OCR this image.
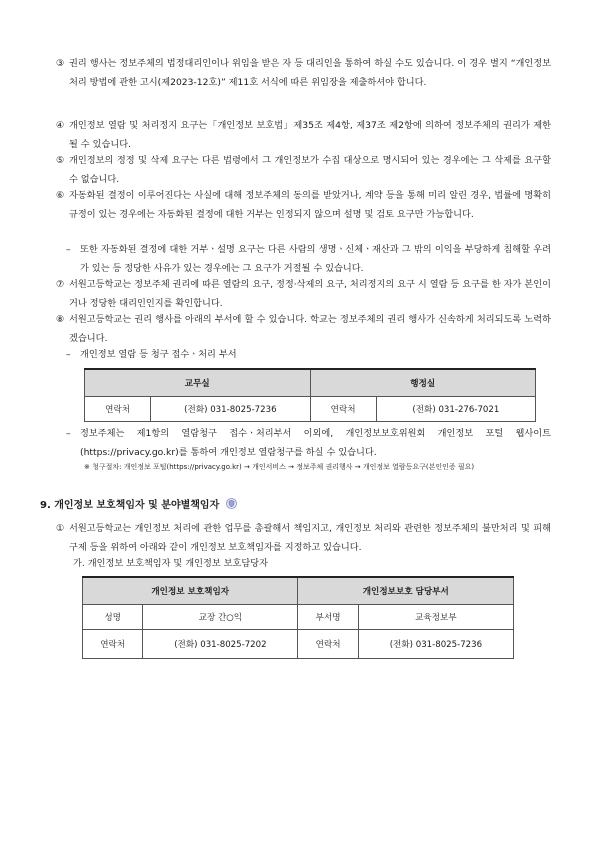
③ 권리 행사는 정보주체의 법정대리인이나 위임을 받은 자 등 대리인을 통하여 하실 수도 있습니다. 이 경우 별지 “개인정보 처리 방법에 관한 고시(제2023-12호)” 제11호 서식에 따른 위임장을 제출하셔야 합니다.
④ 개인정보 열람 및 처리정지 요구는「개인정보 보호법」제35조 제4항, 제37조 제2항에 의하여 정보주체의 권리가 제한 될 수 있습니다.
⑤ 개인정보의 정정 및 삭제 요구는 다른 법령에서 그 개인정보가 수집 대상으로 명시되어 있는 경우에는 그 삭제를 요구할 수 없습니다.
⑥ 자동화된 결정이 이루어진다는 사실에 대해 정보주체의 동의를 받았거나, 계약 등을 통해 미리 알린 경우, 법률에 명확히 규정이 있는 경우에는 자동화된 결정에 대한 거부는 인정되지 않으며 설명 및 검토 요구만 가능합니다.
–	또한 자동화된 결정에 대한 거부ㆍ설명 요구는 다른 사람의 생명ㆍ신체ㆍ재산과 그 밖의 이익을 부당하게 침해할 우려가 있는 등 정당한 사유가 있는 경우에는 그 요구가 거절될 수 있습니다.
⑦ 서원고등학교는 정보주체 권리에 따른 열람의 요구, 정정·삭제의 요구, 처리정지의 요구 시 열람 등 요구를 한 자가 본인이거나 정당한 대리인인지를 확인합니다.
⑧ 서원고등학교는 권리 행사를 아래의 부서에 할 수 있습니다. 학교는 정보주체의 권리 행사가 신속하게 처리되도록 노력하겠습니다.
–	개인정보 열람 등 청구 접수ㆍ처리 부서
교무실		행정실	
연락처	(전화) 031-8025-7236	연락처	(전화) 031-276-7021
–	정보주체는 제1항의 열람청구 접수ㆍ처리부서 이외에, 개인정보보호위원회 개인정보 포털 웹사이트(https://privacy.go.kr)를 통하여 개인정보 열람청구를 하실 수 있습니다.
※ 청구절차: 개인정보 포털(https://privacy.go.kr) → 개인서비스 → 정보주체 권리행사 → 개인정보 열람등요구(본인인증 필요)
9. 개인정보 보호책임자 및 분야별책임자
① 서원고등학교는 개인정보 처리에 관한 업무를 총괄해서 책임지고, 개인정보 처리와 관련한 정보주체의 불만처리 및 피해구제 등을 위하여 아래와 같이 개인정보 보호책임자를 지정하고 있습니다.
가. 개인정보 보호책임자 및 개인정보 보호담당자
개인정보 보호책임자		개인정보보호 담당부서	
성명	교장 간○익	부서명	교육정보부
연락처	(전화) 031-8025-7202	연락처	(전화) 031-8025-7236
